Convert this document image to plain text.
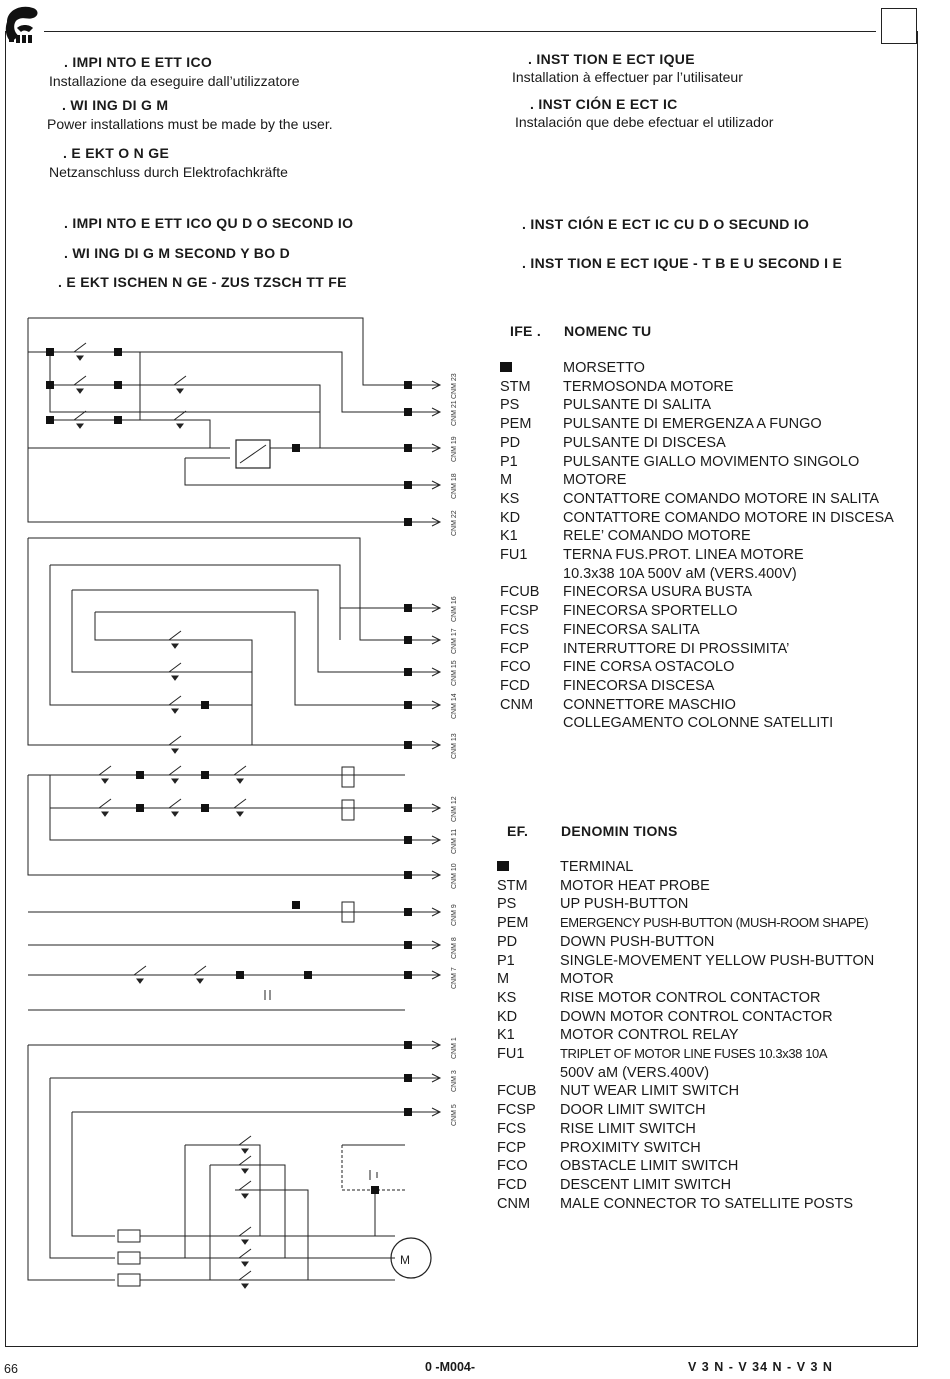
. IMPI NTO E ETT ICO
Installazione da eseguire dall’utilizzatore
. WI ING DI G M
Power installations must be made by the user.
. E EKT O N GE
Netzanschluss durch Elektrofachkräfte
. INST TION E ECT IQUE
Installation à effectuer par l’utilisateur
. INST CIÓN E ECT IC
Instalación que debe efectuar el utilizador
. IMPI NTO E ETT ICO QU D O SECOND IO
. WI ING DI G M SECOND Y BO D
. E EKT ISCHEN N GE - ZUS TZSCH TT FE
. INST CIÓN E ECT IC CU D O SECUND IO
. INST TION E ECT IQUE - T B E U SECOND I E
IFE . NOMENC TU
MORSETTO
STM	TERMOSONDA MOTORE
PS	PULSANTE DI SALITA
PEM	PULSANTE DI EMERGENZA A FUNGO
PD	PULSANTE DI DISCESA
P1	PULSANTE GIALLO MOVIMENTO SINGOLO
M	MOTORE
KS	CONTATTORE COMANDO MOTORE IN SALITA
KD	CONTATTORE COMANDO MOTORE IN DISCESA
K1	RELE’ COMANDO MOTORE
FU1	TERNA FUS.PROT. LINEA MOTORE
10.3x38 10A 500V aM (VERS.400V)
FCUB	FINECORSA USURA BUSTA
FCSP	FINECORSA SPORTELLO
FCS	FINECORSA SALITA
FCP	INTERRUTTORE DI PROSSIMITA’
FCO	FINE CORSA OSTACOLO
FCD	FINECORSA DISCESA
CNM	CONNETTORE MASCHIO
COLLEGAMENTO COLONNE SATELLITI
EF. DENOMIN TIONS
TERMINAL
STM	MOTOR HEAT PROBE
PS	UP PUSH-BUTTON
PEM	EMERGENCY PUSH-BUTTON (MUSH-ROOM SHAPE)
PD	DOWN PUSH-BUTTON
P1	SINGLE-MOVEMENT YELLOW PUSH-BUTTON
M	MOTOR
KS	RISE MOTOR CONTROL CONTACTOR
KD	DOWN MOTOR CONTROL CONTACTOR
K1	MOTOR CONTROL RELAY
FU1	TRIPLET OF MOTOR LINE FUSES 10.3x38 10A
500V aM (VERS.400V)
FCUB	NUT WEAR LIMIT SWITCH
FCSP	DOOR LIMIT SWITCH
FCS	RISE LIMIT SWITCH
FCP	PROXIMITY SWITCH
FCO	OBSTACLE LIMIT SWITCH
FCD	DESCENT LIMIT SWITCH
CNM	MALE CONNECTOR TO SATELLITE POSTS
CNM 23
CNM 21
CNM 19
CNM 18
CNM 22
CNM 16
CNM 17
CNM 15
CNM 14
CNM 13
CNM 12
CNM 11
CNM 10
CNM 9
CNM 8
CNM 7
CNM 1
CNM 3
CNM 5
M
66	0 -M004-	V 3 N - V 34 N - V 3 N
